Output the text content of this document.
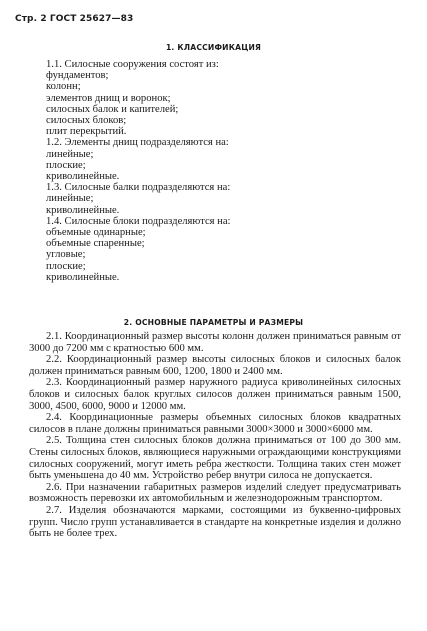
Стр. 2 ГОСТ 25627—83
1. КЛАССИФИКАЦИЯ
1.1. Силосные сооружения состоят из:
фундаментов;
колонн;
элементов днищ и воронок;
силосных балок и капителей;
силосных блоков;
плит перекрытий.
1.2. Элементы днищ подразделяются на:
линейные;
плоские;
криволинейные.
1.3. Силосные балки подразделяются на:
линейные;
криволинейные.
1.4. Силосные блоки подразделяются на:
объемные одинарные;
объемные спаренные;
угловые;
плоские;
криволинейные.
2. ОСНОВНЫЕ ПАРАМЕТРЫ И РАЗМЕРЫ

2.1. Координационный размер высоты колонн должен приниматься равным от 3000 до 7200 мм с кратностью 600 мм.

2.2. Координационный размер высоты силосных блоков и силосных балок должен приниматься равным 600, 1200, 1800 и 2400 мм.

2.3. Координационный размер наружного радиуса криволинейных силосных блоков и силосных балок круглых силосов должен приниматься равным 1500, 3000, 4500, 6000, 9000 и 12000 мм.

2.4. Координационные размеры объемных силосных блоков квадратных силосов в плане должны приниматься равными 3000×3000 и 3000×6000 мм.

2.5. Толщина стен силосных блоков должна приниматься от 100 до 300 мм. Стены силосных блоков, являющиеся наружными ограждающими конструкциями силосных сооружений, могут иметь ребра жесткости. Толщина таких стен может быть уменьшена до 40 мм. Устройство ребер внутри силоса не допускается.

2.6. При назначении габаритных размеров изделий следует предусматривать возможность перевозки их автомобильным и железнодорожным транспортом.

2.7. Изделия обозначаются марками, состоящими из буквенно-цифровых групп. Число групп устанавливается в стандарте на конкретные изделия и должно быть не более трех.
